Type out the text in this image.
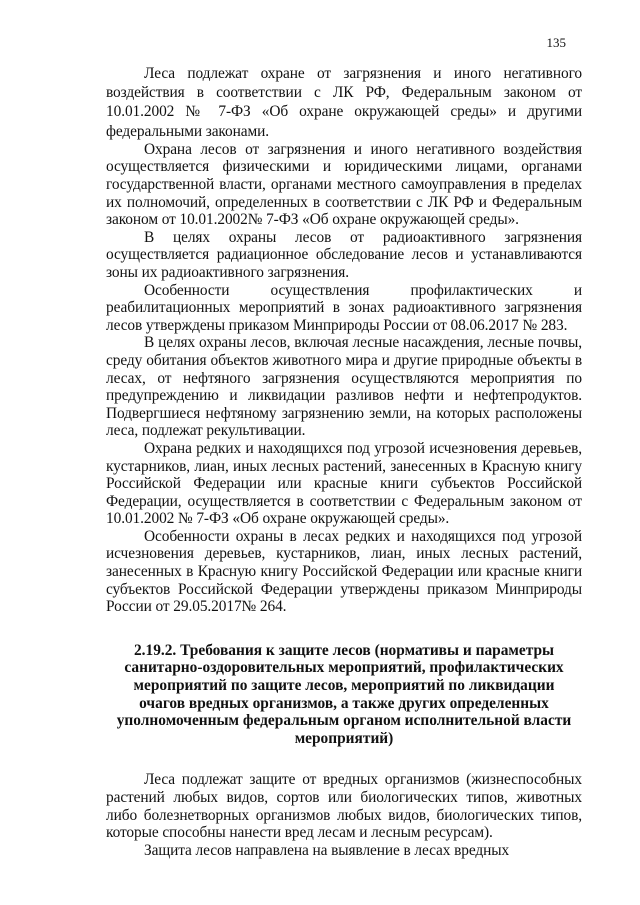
135

Леса подлежат охране от загрязнения и иного негативного воздействия в соответствии с ЛК РФ, Федеральным законом от 10.01.2002 № 7-ФЗ «Об охране окружающей среды» и другими федеральными законами.

Охрана лесов от загрязнения и иного негативного воздействия осуществляется физическими и юридическими лицами, органами государственной власти, органами местного самоуправления в пределах их полномочий, определенных в соответствии с ЛК РФ и Федеральным законом от 10.01.2002№ 7-ФЗ «Об охране окружающей среды».

В целях охраны лесов от радиоактивного загрязнения осуществляется радиационное обследование лесов и устанавливаются зоны их радиоактивного загрязнения.

Особенности осуществления профилактических и реабилитационных мероприятий в зонах радиоактивного загрязнения лесов утверждены приказом Минприроды России от 08.06.2017 № 283.

В целях охраны лесов, включая лесные насаждения, лесные почвы, среду обитания объектов животного мира и другие природные объекты в лесах, от нефтяного загрязнения осуществляются мероприятия по предупреждению и ликвидации разливов нефти и нефтепродуктов. Подвергшиеся нефтяному загрязнению земли, на которых расположены леса, подлежат рекультивации.

Охрана редких и находящихся под угрозой исчезновения деревьев, кустарников, лиан, иных лесных растений, занесенных в Красную книгу Российской Федерации или красные книги субъектов Российской Федерации, осуществляется в соответствии с Федеральным законом от 10.01.2002 № 7-ФЗ «Об охране окружающей среды».

Особенности охраны в лесах редких и находящихся под угрозой исчезновения деревьев, кустарников, лиан, иных лесных растений, занесенных в Красную книгу Российской Федерации или красные книги субъектов Российской Федерации утверждены приказом Минприроды России от 29.05.2017№ 264.

2.19.2. Требования к защите лесов (нормативы и параметры санитарно-оздоровительных мероприятий, профилактических мероприятий по защите лесов, мероприятий по ликвидации очагов вредных организмов, а также других определенных уполномоченным федеральным органом исполнительной власти мероприятий)

Леса подлежат защите от вредных организмов (жизнеспособных растений любых видов, сортов или биологических типов, животных либо болезнетворных организмов любых видов, биологических типов, которые способны нанести вред лесам и лесным ресурсам).

Защита лесов направлена на выявление в лесах вредных
